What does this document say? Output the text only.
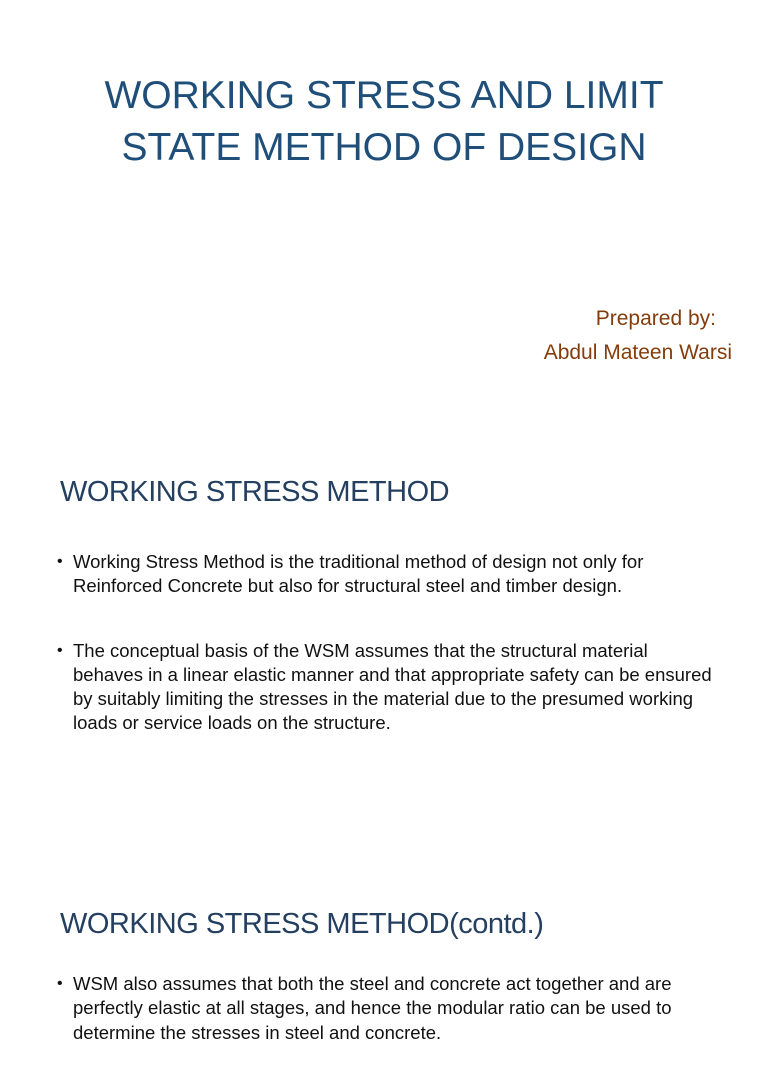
WORKING STRESS AND LIMIT
STATE METHOD OF DESIGN
Prepared by:
Abdul Mateen Warsi
WORKING STRESS METHOD
• Working Stress Method is the traditional method of design not only for Reinforced Concrete but also for structural steel and timber design.
• The conceptual basis of the WSM assumes that the structural material behaves in a linear elastic manner and that appropriate safety can be ensured by suitably limiting the stresses in the material due to the presumed working loads or service loads on the structure.
WORKING STRESS METHOD(contd.)
• WSM also assumes that both the steel and concrete act together and are perfectly elastic at all stages, and hence the modular ratio can be used to determine the stresses in steel and concrete.
